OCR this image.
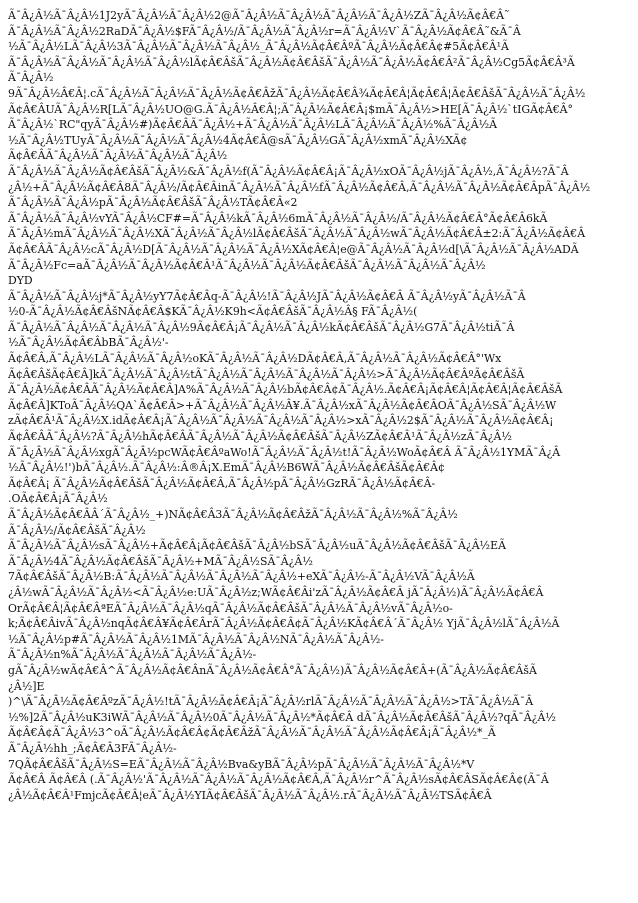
Ã¯Â¿Â½Ã¯Â¿Â½1J2yÃ¯Â¿Â½Ã¯Â¿Â½2@Ã¯Â¿Â½Ã¯Â¿Â½Ã¯Â¿Â½Ã¯Â¿Â½ZÃ¯Â¿Â½Ã¢Â€Â˜
Ã¯Â¿Â½Ã¯Â¿Â½2RaDÃ¯Â¿Â½$FÃ¯Â¿Â½/Ã¯Â¿Â½Ã¯Â¿Â½r=Ã¯Â¿Â½V`Ã¯Â¿Â½Ã¢Â€Â˜&Ã¯Â
½Ã¯Â¿Â½LÃ¯Â¿Â½3Ã¯Â¿Â½Ã¯Â¿Â½Ã¯Â¿Â½_Ã¯Â¿Â½Ã¢Â€ÂºÃ¯Â¿Â½Ã¢Â€Â¢#5Ã¢Â€Â¹Ã
Ã¯Â¿Â½Ã¯Â¿Â½Ã¯Â¿Â½Ã¯Â¿Â½lÃ¢Â€ÂšÃ¯Â¿Â½Ã¢Â€ÂšÃ¯Â¿Â½Ã¯Â¿Â½Ã¢Â€Â²Ã¯Â¿Â½Cg5Ã¢Â€Â³Ã
Ã¯Â¿Â½
9Ã¯Â¿Â½Â€Â¦.cÃ¯Â¿Â½Ã¯Â¿Â½Ã¯Â¿Â½Ã¢Â€ÂžÃ¯Â¿Â½Ã¢Â€Â¾Ã¢Â€Â¦Ã¢Â€Â¦Ã¢Â€ÂšÃ¯Â¿Â½Ã¯Â¿Â½
Ã¢Â€ÂUÃ¯Â¿Â½R[LÃ¯Â¿Â½UO@G.Ã¯Â¿Â½Â€Â¦;Ã¯Â¿Â½Ã¢Â€Â¡$mÃ¯Â¿Â½>HE[Ã¯Â¿Â½`tIGÃ¢Â€Â°
Ã¯Â¿Â½`RC"qyÃ¯Â¿Â½#)Ã¢Â€ÂÃ¯Â¿Â½+Ã¯Â¿Â½Ã¯Â¿Â½LÃ¯Â¿Â½Ã¯Â¿Â½%Ã¯Â¿Â½Ã
½Ã¯Â¿Â½TUyÃ¯Â¿Â½Ã¯Â¿Â½Ã¯Â¿Â½4Ã¢Â€Â@sÃ¯Â¿Â½GÃ¯Â¿Â½xmÃ¯Â¿Â½XÃ¢
Ã¢Â€ÂÃ¯Â¿Â½Ã¯Â¿Â½Ã¯Â¿Â½Ã¯Â¿Â½
Ã¯Â¿Â½Ã¯Â¿Â½Ã¢Â€ÂšÃ¯Â¿Â½&Ã¯Â¿Â½f(Ã¯Â¿Â½Ã¢Â€Â¡Ã¯Â¿Â½xOÃ¯Â¿Â½jÃ¯Â¿Â½,Ã¯Â¿Â½?Ã¯Â
¿Â½+Ã¯Â¿Â½Ã¢Â€Â8Ã¯Â¿Â½/Ã¢Â€ÂinÃ¯Â¿Â½Ã¯Â¿Â½fÃ¯Â¿Â½Ã¢Â€Â‚Ã¯Â¿Â½Ã¯Â¿Â½Ã¢Â€ÂpÃ¯Â¿Â½
Ã¯Â¿Â½Ã¯Â¿Â½pÃ¯Â¿Â½Ã¢Â€ÂšÃ¯Â¿Â½TÃ¢Â€Â«2
Ã¯Â¿Â½Ã¯Â¿Â½vYÃ¯Â¿Â½CF#=Ã¯Â¿Â½kÃ¯Â¿Â½6mÃ¯Â¿Â½Ã¯Â¿Â½/Ã¯Â¿Â½Ã¢Â€Â°Ã¢Â€Â6kÃ
Ã¯Â¿Â½mÃ¯Â¿Â½Ã¯Â¿Â½XÃ¯Â¿Â½Ã¯Â¿Â½lÃ¢Â€ÂšÃ¯Â¿Â½Ã¯Â¿Â½wÃ¯Â¿Â½Ã¢Â€Â±2:Ã¯Â¿Â½Ã¢Â€Â
Ã¢Â€ÂÃ¯Â¿Â½cÃ¯Â¿Â½D[Ã¯Â¿Â½Ã¯Â¿Â½Ã¯Â¿Â½XÃ¢Â€Â¦e@Ã¯Â¿Â½Ã¯Â¿Â½d[\Ã¯Â¿Â½Ã¯Â¿Â½ADÃ
Ã¯Â¿Â½Fc=aÃ¯Â¿Â½Ã¯Â¿Â½Ã¢Â€Â¹Ã¯Â¿Â½Ã¯Â¿Â½Ã¢Â€ÂšÃ¯Â¿Â½Ã¯Â¿Â½Ã¯Â¿Â½
DYD
Ã¯Â¿Â½Ã¯Â¿Â½j*Ã¯Â¿Â½yY7Ã¢Â€Âq-Ã¯Â¿Â½!Ã¯Â¿Â½JÃ¯Â¿Â½Ã¢Â€Â Ã¯Â¿Â½yÃ¯Â¿Â½Ã¯Â
½0-Ã¯Â¿Â½Ã¢Â€ÂšNÃ¢Â€Â$KÃ¯Â¿Â½K9h<Ã¢Â€ÂšÃ¯Â¿Â½Â§ FÃ¯Â¿Â½(
Ã¯Â¿Â½Ã¯Â¿Â½Ã¯Â¿Â½Ã¯Â¿Â½9Ã¢Â€Â¡Ã¯Â¿Â½Ã¯Â¿Â½kÃ¢Â€ÂšÃ¯Â¿Â½G7Ã¯Â¿Â½tiÃ¯Â
½Ã¯Â¿Â½Ã¢Â€ÂbBÃ¯Â¿Â½'-
Ã¢Â€Â‚Ã¯Â¿Â½LÃ¯Â¿Â½Ã¯Â¿Â½oKÃ¯Â¿Â½Ã¯Â¿Â½DÃ¢Â€Â‚Ã¯Â¿Â½Ã¯Â¿Â½Ã¢Â€Â°'Wx
Ã¢Â€ÂšÃ¢Â€Â]kÃ¯Â¿Â½Ã¯Â¿Â½tÃ¯Â¿Â½Ã¯Â¿Â½Ã¯Â¿Â½Ã¯Â¿Â½>Ã¯Â¿Â½Ã¢Â€ÂºÃ¢Â€ÂšÃ
Ã¯Â¿Â½Ã¢Â€ÂÃ¯Â¿Â½Ã¢Â€Â]A%Ã¯Â¿Â½Ã¯Â¿Â½bÃ¢Â€Â¢Ã¯Â¿Â½.Ã¢Â€Â¡Ã¢Â€Â¦Ã¢Â€Â¦Ã¢Â€ÂšÃ
Ã¢Â€Â]KToÃ¯Â¿Â½QA`Ã¢Â€Â>+Ã¯Â¿Â½Ã¯Â¿Â½Â¥.Ã¯Â¿Â½xÃ¯Â¿Â½Ã¢Â€ÂOÃ¯Â¿Â½SÃ¯Â¿Â½W
zÃ¢Â€Â¹Ã¯Â¿Â½X.idÃ¢Â€Â¡Ã¯Â¿Â½Ã¯Â¿Â½Ã¯Â¿Â½Ã¯Â¿Â½>xÃ¯Â¿Â½2$Ã¯Â¿Â½Ã¯Â¿Â½Ã¢Â€Â¡
Ã¢Â€ÂÃ¯Â¿Â½?Ã¯Â¿Â½hÃ¢Â€ÂÃ¯Â¿Â½Ã¯Â¿Â½Ã¢Â€ÂšÃ¯Â¿Â½ZÃ¢Â€Â¹Ã¯Â¿Â½zÃ¯Â¿Â½
Ã¯Â¿Â½Ã¯Â¿Â½xgÃ¯Â¿Â½pcWÃ¢Â€ÂºaWo!Ã¯Â¿Â½Ã¯Â¿Â½t!Ã¯Â¿Â½WoÃ¢Â€Â Ã¯Â¿Â½1YMÃ¯Â¿Â
½Ã¯Â¿Â½!')bÃ¯Â¿Â½.Ã¯Â¿Â½:Â®Â¡X.EmÃ¯Â¿Â½B6WÃ¯Â¿Â½Ã¢Â€ÂšÃ¢Â€Â¢
Ã¢Â€Â¡ Ã¯Â¿Â½Ã¢Â€ÂšÃ¯Â¿Â½Ã¢Â€Â‚Ã¯Â¿Â½pÃ¯Â¿Â½GzRÃ¯Â¿Â½Ã¢Â€Â-
.OÃ¢Â€Â¡Ã¯Â¿Â½
Ã¯Â¿Â½Ã¢Â€ÂÂ´Ã¯Â¿Â½_+)NÃ¢Â€Â3Ã¯Â¿Â½Ã¢Â€ÂžÃ¯Â¿Â½Ã¯Â¿Â½%Ã¯Â¿Â½
Ã¯Â¿Â½/Ã¢Â€ÂšÃ¯Â¿Â½
Ã¯Â¿Â½Ã¯Â¿Â½sÃ¯Â¿Â½+Ã¢Â€Â¡Ã¢Â€ÂšÃ¯Â¿Â½bSÃ¯Â¿Â½uÃ¯Â¿Â½Ã¢Â€ÂšÃ¯Â¿Â½EÃ
Ã¯Â¿Â½4Ã¯Â¿Â½Ã¢Â€ÂšÃ¯Â¿Â½+MÃ¯Â¿Â½SÃ¯Â¿Â½
7Ã¢Â€ÂšÃ¯Â¿Â½B:Ã¯Â¿Â½Ã¯Â¿Â½Ã¯Â¿Â½Ã¯Â¿Â½+eXÃ¯Â¿Â½-Ã¯Â¿Â½VÃ¯Â¿Â½Ã
¿Â½wÃ¯Â¿Â½Ã¯Â¿Â½<Ã¯Â¿Â½e:UÃ¯Â¿Â½z;WÃ¢Â€Âi'zÃ¯Â¿Â½Ã¢Â€Â jÃ¯Â¿Â½)Ã¯Â¿Â½Ã¢Â€Â
OrÃ¢Â€Â¦Ã¢Â€ÂªEÃ¯Â¿Â½Ã¯Â¿Â½qÃ¯Â¿Â½Ã¢Â€ÂšÃ¯Â¿Â½Ã¯Â¿Â½vÃ¯Â¿Â½o-
k;Ã¢Â€ÂivÃ¯Â¿Â½nqÃ¢Â€Â¥Ã¢Â€ÂrÃ¯Â¿Â½Ã¢Â€Â¢Ã¯Â¿Â½KÃ¢Â€Â´Ã¯Â¿Â½ YjÃ¯Â¿Â½lÃ¯Â¿Â½Ã
½Ã¯Â¿Â½p#Ã¯Â¿Â½Ã¯Â¿Â½1MÃ¯Â¿Â½Ã¯Â¿Â½NÃ¯Â¿Â½Ã¯Â¿Â½-
Ã¯Â¿Â½n%Ã¯Â¿Â½Ã¯Â¿Â½Ã¯Â¿Â½Ã¯Â¿Â½-
gÃ¯Â¿Â½wÃ¢Â€Â^Ã¯Â¿Â½Ã¢Â€ÂnÃ¯Â¿Â½Ã¢Â€Â°Ã¯Â¿Â½)Ã¯Â¿Â½Ã¢Â€Â+(Ã¯Â¿Â½Ã¢Â€ÂšÃ
¿Â½]E
)^\Ã¯Â¿Â½Ã¢Â€ÂºzÃ¯Â¿Â½!tÃ¯Â¿Â½Ã¢Â€Â¡Ã¯Â¿Â½rlÃ¯Â¿Â½Ã¯Â¿Â½Ã¯Â¿Â½>TÃ¯Â¿Â½Ã¯Â
½%]2Ã¯Â¿Â½uK3iWÃ¯Â¿Â½Ã¯Â¿Â½0Ã¯Â¿Â½Ã¯Â¿Â½*Ã¢Â€Â dÃ¯Â¿Â½Ã¢Â€ÂšÃ¯Â¿Â½?qÃ¯Â¿Â½
Ã¢Â€Â¢Ã¯Â¿Â½3^oÃ¯Â¿Â½Ã¢Â€Â¢Ã¢Â€ÂžÃ¯Â¿Â½Ã¯Â¿Â½Ã¯Â¿Â½Ã¢Â€Â¡Ã¯Â¿Â½*_Ã
Ã¯Â¿Â½hh_;Ã¢Â€Â3FÃ¯Â¿Â½-
7QÃ¢Â€ÂšÃ¯Â¿Â½S=EÃ¯Â¿Â½Ã¯Â¿Â½Bva&yBÃ¯Â¿Â½pÃ¯Â¿Â½Ã¯Â¿Â½Ã¯Â¿Â½*V
Ã¢Â€Â Ã¢Â€Â (.Ã¯Â¿Â½'Ã¯Â¿Â½Ã¯Â¿Â½Ã¯Â¿Â½Ã¢Â€Â‚Ã¯Â¿Â½r^Ã¯Â¿Â½sÃ¢Â€ÂSÃ¢Â€Â¢(Ã¯Â
¿Â½Ã¢Â€Â¹FmjcÃ¢Â€Â¦eÃ¯Â¿Â½YIÃ¢Â€ÂšÃ¯Â¿Â½Ã¯Â¿Â½.rÃ¯Â¿Â½Ã¯Â¿Â½TSÃ¢Â€Â
